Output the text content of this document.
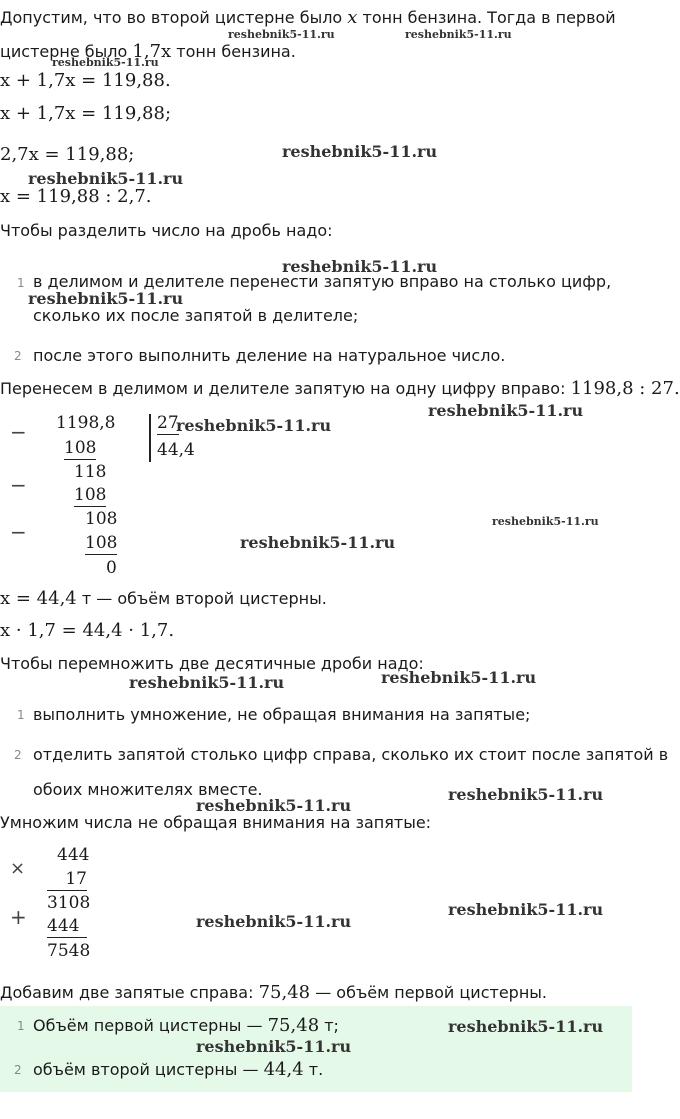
Допустим, что во второй цистерне было x тонн бензина. Тогда в первой
reshebnik5-11.ru	reshebnik5-11.ru
цистерне было 1,7x тонн бензина.
reshebnik5-11.ru
x + 1,7x = 119,88.
x + 1,7x = 119,88;
2,7x = 119,88;	reshebnik5-11.ru
reshebnik5-11.ru
x = 119,88 : 2,7.
Чтобы разделить число на дробь надо:
reshebnik5-11.ru
1 в делимом и делителе перенести запятую вправо на столько цифр,
reshebnik5-11.ru
сколько их после запятой в делителе;
2 после этого выполнить деление на натуральное число.
Перенесем в делимом и делителе запятую на одну цифру вправо: 1198,8 : 27.
reshebnik5-11.ru
− 1198,8 27
reshebnik5-11.ru
44,4
108
−
118
108
−
108	reshebnik5-11.ru
108	reshebnik5-11.ru
0
x = 44,4 т — объём второй цистерны.
x · 1,7 = 44,4 · 1,7.
Чтобы перемножить две десятичные дроби надо:
reshebnik5-11.ru	reshebnik5-11.ru
1 выполнить умножение, не обращая внимания на запятые;
2 отделить запятой столько цифр справа, сколько их стоит после запятой в
обоих множителях вместе.	reshebnik5-11.ru
reshebnik5-11.ru
Умножим числа не обращая внимания на запятые:
×
444
17
3108
+ 444	reshebnik5-11.ru
reshebnik5-11.ru
7548
Добавим две запятые справа: 75,48 — объём первой цистерны.
1 Объём первой цистерны — 75,48 т;	reshebnik5-11.ru
reshebnik5-11.ru
2 объём второй цистерны — 44,4 т.
